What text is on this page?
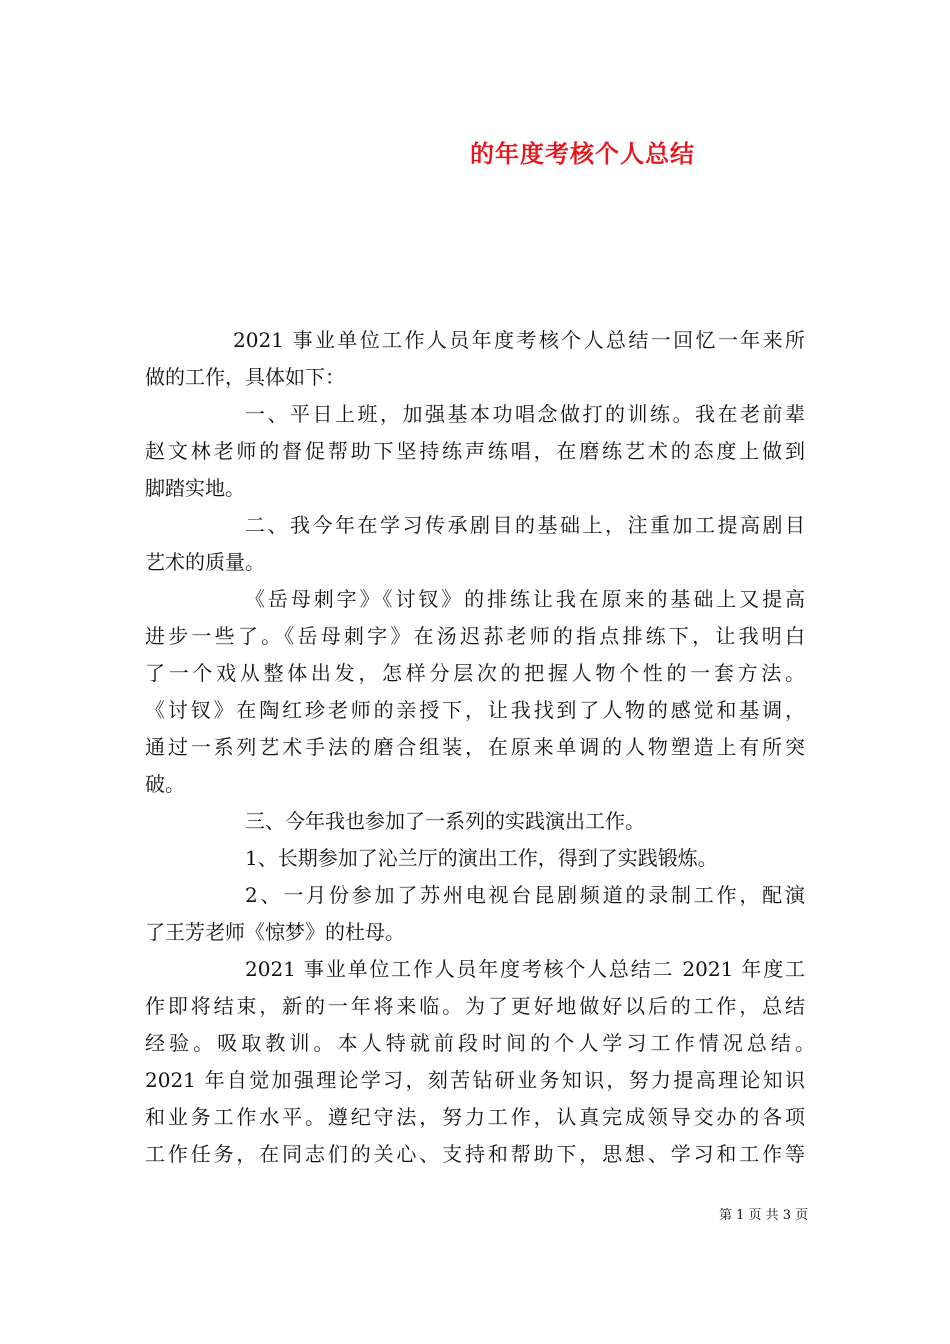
的年度考核个人总结
2021 事业单位工作人员年度考核个人总结一回忆一年来所
做的工作，具体如下：
一、平日上班，加强基本功唱念做打的训练。我在老前辈
赵文林老师的督促帮助下坚持练声练唱，在磨练艺术的态度上做到
脚踏实地。
二、我今年在学习传承剧目的基础上，注重加工提高剧目
艺术的质量。
《岳母刺字》《讨钗》的排练让我在原来的基础上又提高
进步一些了。《岳母刺字》在汤迟荪老师的指点排练下，让我明白
了一个戏从整体出发，怎样分层次的把握人物个性的一套方法。
《讨钗》在陶红珍老师的亲授下，让我找到了人物的感觉和基调，
通过一系列艺术手法的磨合组装，在原来单调的人物塑造上有所突
破。
三、今年我也参加了一系列的实践演出工作。
1、长期参加了沁兰厅的演出工作，得到了实践锻炼。
2、一月份参加了苏州电视台昆剧频道的录制工作，配演
了王芳老师《惊梦》的杜母。
2021 事业单位工作人员年度考核个人总结二 2021 年度工
作即将结束，新的一年将来临。为了更好地做好以后的工作，总结
经验。吸取教训。本人特就前段时间的个人学习工作情况总结。
2021 年自觉加强理论学习，刻苦钻研业务知识，努力提高理论知识
和业务工作水平。遵纪守法，努力工作，认真完成领导交办的各项
工作任务，在同志们的关心、支持和帮助下，思想、学习和工作等
第 1 页 共 3 页
